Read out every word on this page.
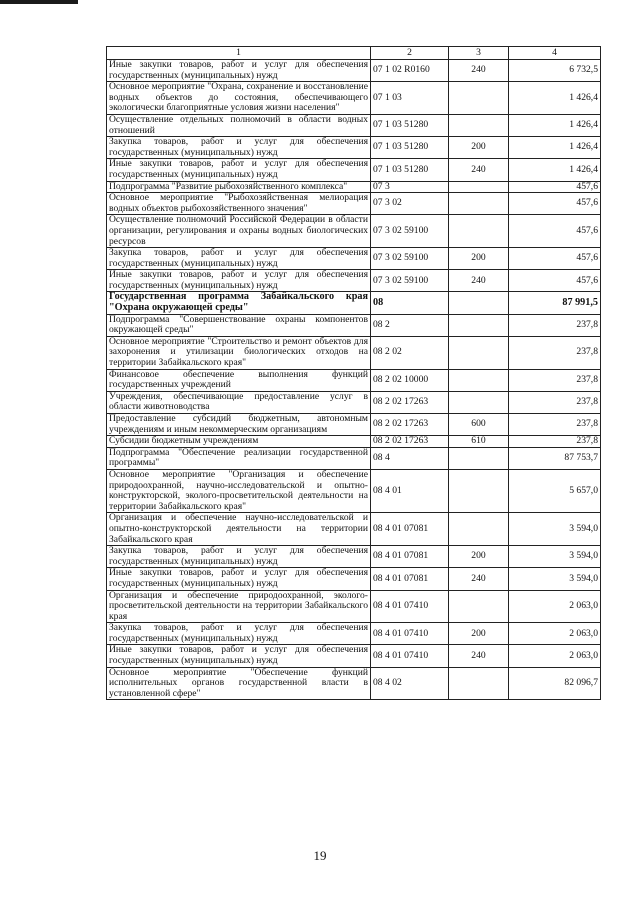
1	2	3	4
Иные закупки товаров, работ и услуг для обеспечения государственных (муниципальных) нужд	07 1 02 R0160	240	6 732,5
Основное мероприятие "Охрана, сохранение и восстановление водных объектов до состояния, обеспечивающего экологически благоприятные условия жизни населения"	07 1 03		1 426,4
Осуществление отдельных полномочий в области водных отношений	07 1 03 51280		1 426,4
Закупка товаров, работ и услуг для обеспечения государственных (муниципальных) нужд	07 1 03 51280	200	1 426,4
Иные закупки товаров, работ и услуг для обеспечения государственных (муниципальных) нужд	07 1 03 51280	240	1 426,4
Подпрограмма "Развитие рыбохозяйственного комплекса"	07 3		457,6
Основное мероприятие "Рыбохозяйственная мелиорация водных объектов рыбохозяйственного значения"	07 3 02		457,6
Осуществление полномочий Российской Федерации в области организации, регулирования и охраны водных биологических ресурсов	07 3 02 59100		457,6
Закупка товаров, работ и услуг для обеспечения государственных (муниципальных) нужд	07 3 02 59100	200	457,6
Иные закупки товаров, работ и услуг для обеспечения государственных (муниципальных) нужд	07 3 02 59100	240	457,6
Государственная программа Забайкальского края "Охрана окружающей среды"	08		87 991,5
Подпрограмма "Совершенствование охраны компонентов окружающей среды"	08 2		237,8
Основное мероприятие "Строительство и ремонт объектов для захоронения и утилизации биологических отходов на территории Забайкальского края"	08 2 02		237,8
Финансовое обеспечение выполнения функций государственных учреждений	08 2 02 10000		237,8
Учреждения, обеспечивающие предоставление услуг в области животноводства	08 2 02 17263		237,8
Предоставление субсидий бюджетным, автономным учреждениям и иным некоммерческим организациям	08 2 02 17263	600	237,8
Субсидии бюджетным учреждениям	08 2 02 17263	610	237,8
Подпрограмма "Обеспечение реализации государственной программы"	08 4		87 753,7
Основное мероприятие "Организация и обеспечение природоохранной, научно-исследовательской и опытно-конструкторской, эколого-просветительской деятельности на территории Забайкальского края"	08 4 01		5 657,0
Организация и обеспечение научно-исследовательской и опытно-конструкторской деятельности на территории Забайкальского края	08 4 01 07081		3 594,0
Закупка товаров, работ и услуг для обеспечения государственных (муниципальных) нужд	08 4 01 07081	200	3 594,0
Иные закупки товаров, работ и услуг для обеспечения государственных (муниципальных) нужд	08 4 01 07081	240	3 594,0
Организация и обеспечение природоохранной, эколого-просветительской деятельности на территории Забайкальского края	08 4 01 07410		2 063,0
Закупка товаров, работ и услуг для обеспечения государственных (муниципальных) нужд	08 4 01 07410	200	2 063,0
Иные закупки товаров, работ и услуг для обеспечения государственных (муниципальных) нужд	08 4 01 07410	240	2 063,0
Основное мероприятие "Обеспечение функций исполнительных органов государственной власти в установленной сфере"	08 4 02		82 096,7
19
